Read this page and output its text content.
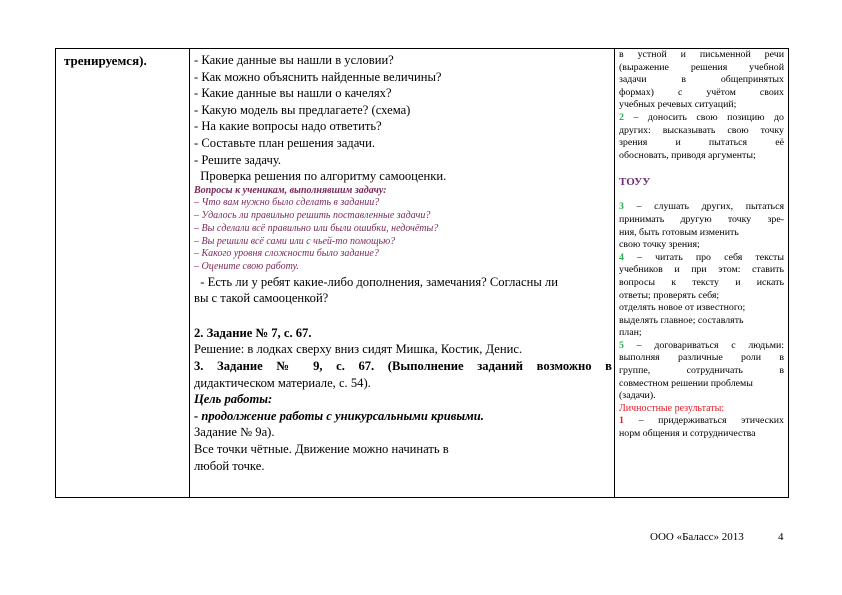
тренируемся).	- Какие данные вы нашли в условии?
- Как можно объяснить найденные величины?
- Какие данные вы нашли о качелях?
- Какую модель вы предлагаете? (схема)
- На какие вопросы надо ответить?
- Составьте план решения задачи.
- Решите задачу.
Проверка решения по алгоритму самооценки.
Вопросы к ученикам, выполнявшим задачу:
– Что вам нужно было сделать в задании?
– Удалось ли правильно решить поставленные задачи?
– Вы сделали всё правильно или были ошибки, недочёты?
– Вы решили всё сами или с чьей-то помощью?
– Какого уровня сложности было задание?
– Оцените свою работу.
- Есть ли у ребят какие-либо дополнения, замечания? Согласны ли
вы с такой самооценкой?
2. Задание № 7, с. 67.
Решение: в лодках сверху вниз сидят Мишка, Костик, Денис.
3. Задание № 9, с. 67. (Выполнение заданий возможно в
дидактическом материале, с. 54).
Цель работы:
- продолжение работы с уникурсальными кривыми.
Задание № 9а).
Все точки чётные. Движение можно начинать в
любой точке.
в устной и письменной речи
(выражение решения учебной
задачи в общепринятых
формах) с учётом своих
учебных речевых ситуаций;
2 – доносить свою позицию до
других: высказывать свою точку
зрения и пытаться её
обосновать, приводя аргументы;
ТОУУ
3 – слушать других, пытаться
принимать другую точку зре-
ния, быть готовым изменить
свою точку зрения;
4 – читать про себя тексты
учебников и при этом: ставить
вопросы к тексту и искать
ответы; проверять себя;
отделять новое от известного;
выделять главное; составлять
план;
5 – договариваться с людьми:
выполняя различные роли в
группе, сотрудничать в
совместном решении проблемы
(задачи).
Личностные результаты:
1 – придерживаться этических
норм общения и сотрудничества
ООО «Баласс» 2013	4
